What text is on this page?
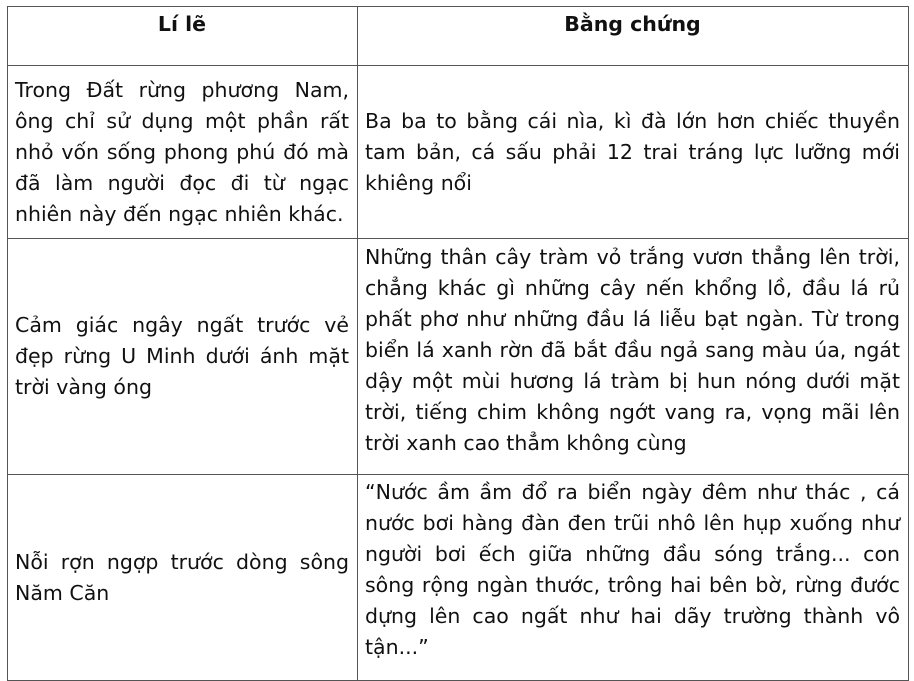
Lí lẽ	Bằng chứng
Trong Đất rừng phương Nam, ông chỉ sử dụng một phần rất nhỏ vốn sống phong phú đó mà đã làm người đọc đi từ ngạc nhiên này đến ngạc nhiên khác.	Ba ba to bằng cái nìa, kì đà lớn hơn chiếc thuyền tam bản, cá sấu phải 12 trai tráng lực lưỡng mới khiêng nổi
Cảm giác ngây ngất trước vẻ đẹp rừng U Minh dưới ánh mặt trời vàng óng	Những thân cây tràm vỏ trắng vươn thẳng lên trời, chẳng khác gì những cây nến khổng lồ, đầu lá rủ phất phơ như những đầu lá liễu bạt ngàn. Từ trong biển lá xanh rờn đã bắt đầu ngả sang màu úa, ngát dậy một mùi hương lá tràm bị hun nóng dưới mặt trời, tiếng chim không ngớt vang ra, vọng mãi lên trời xanh cao thẳm không cùng
Nỗi rợn ngợp trước dòng sông Năm Căn	“Nước ầm ầm đổ ra biển ngày đêm như thác , cá nước bơi hàng đàn đen trũi nhô lên hụp xuống như người bơi ếch giữa những đầu sóng trắng... con sông rộng ngàn thước, trông hai bên bờ, rừng đước dựng lên cao ngất như hai dãy trường thành vô tận...”
